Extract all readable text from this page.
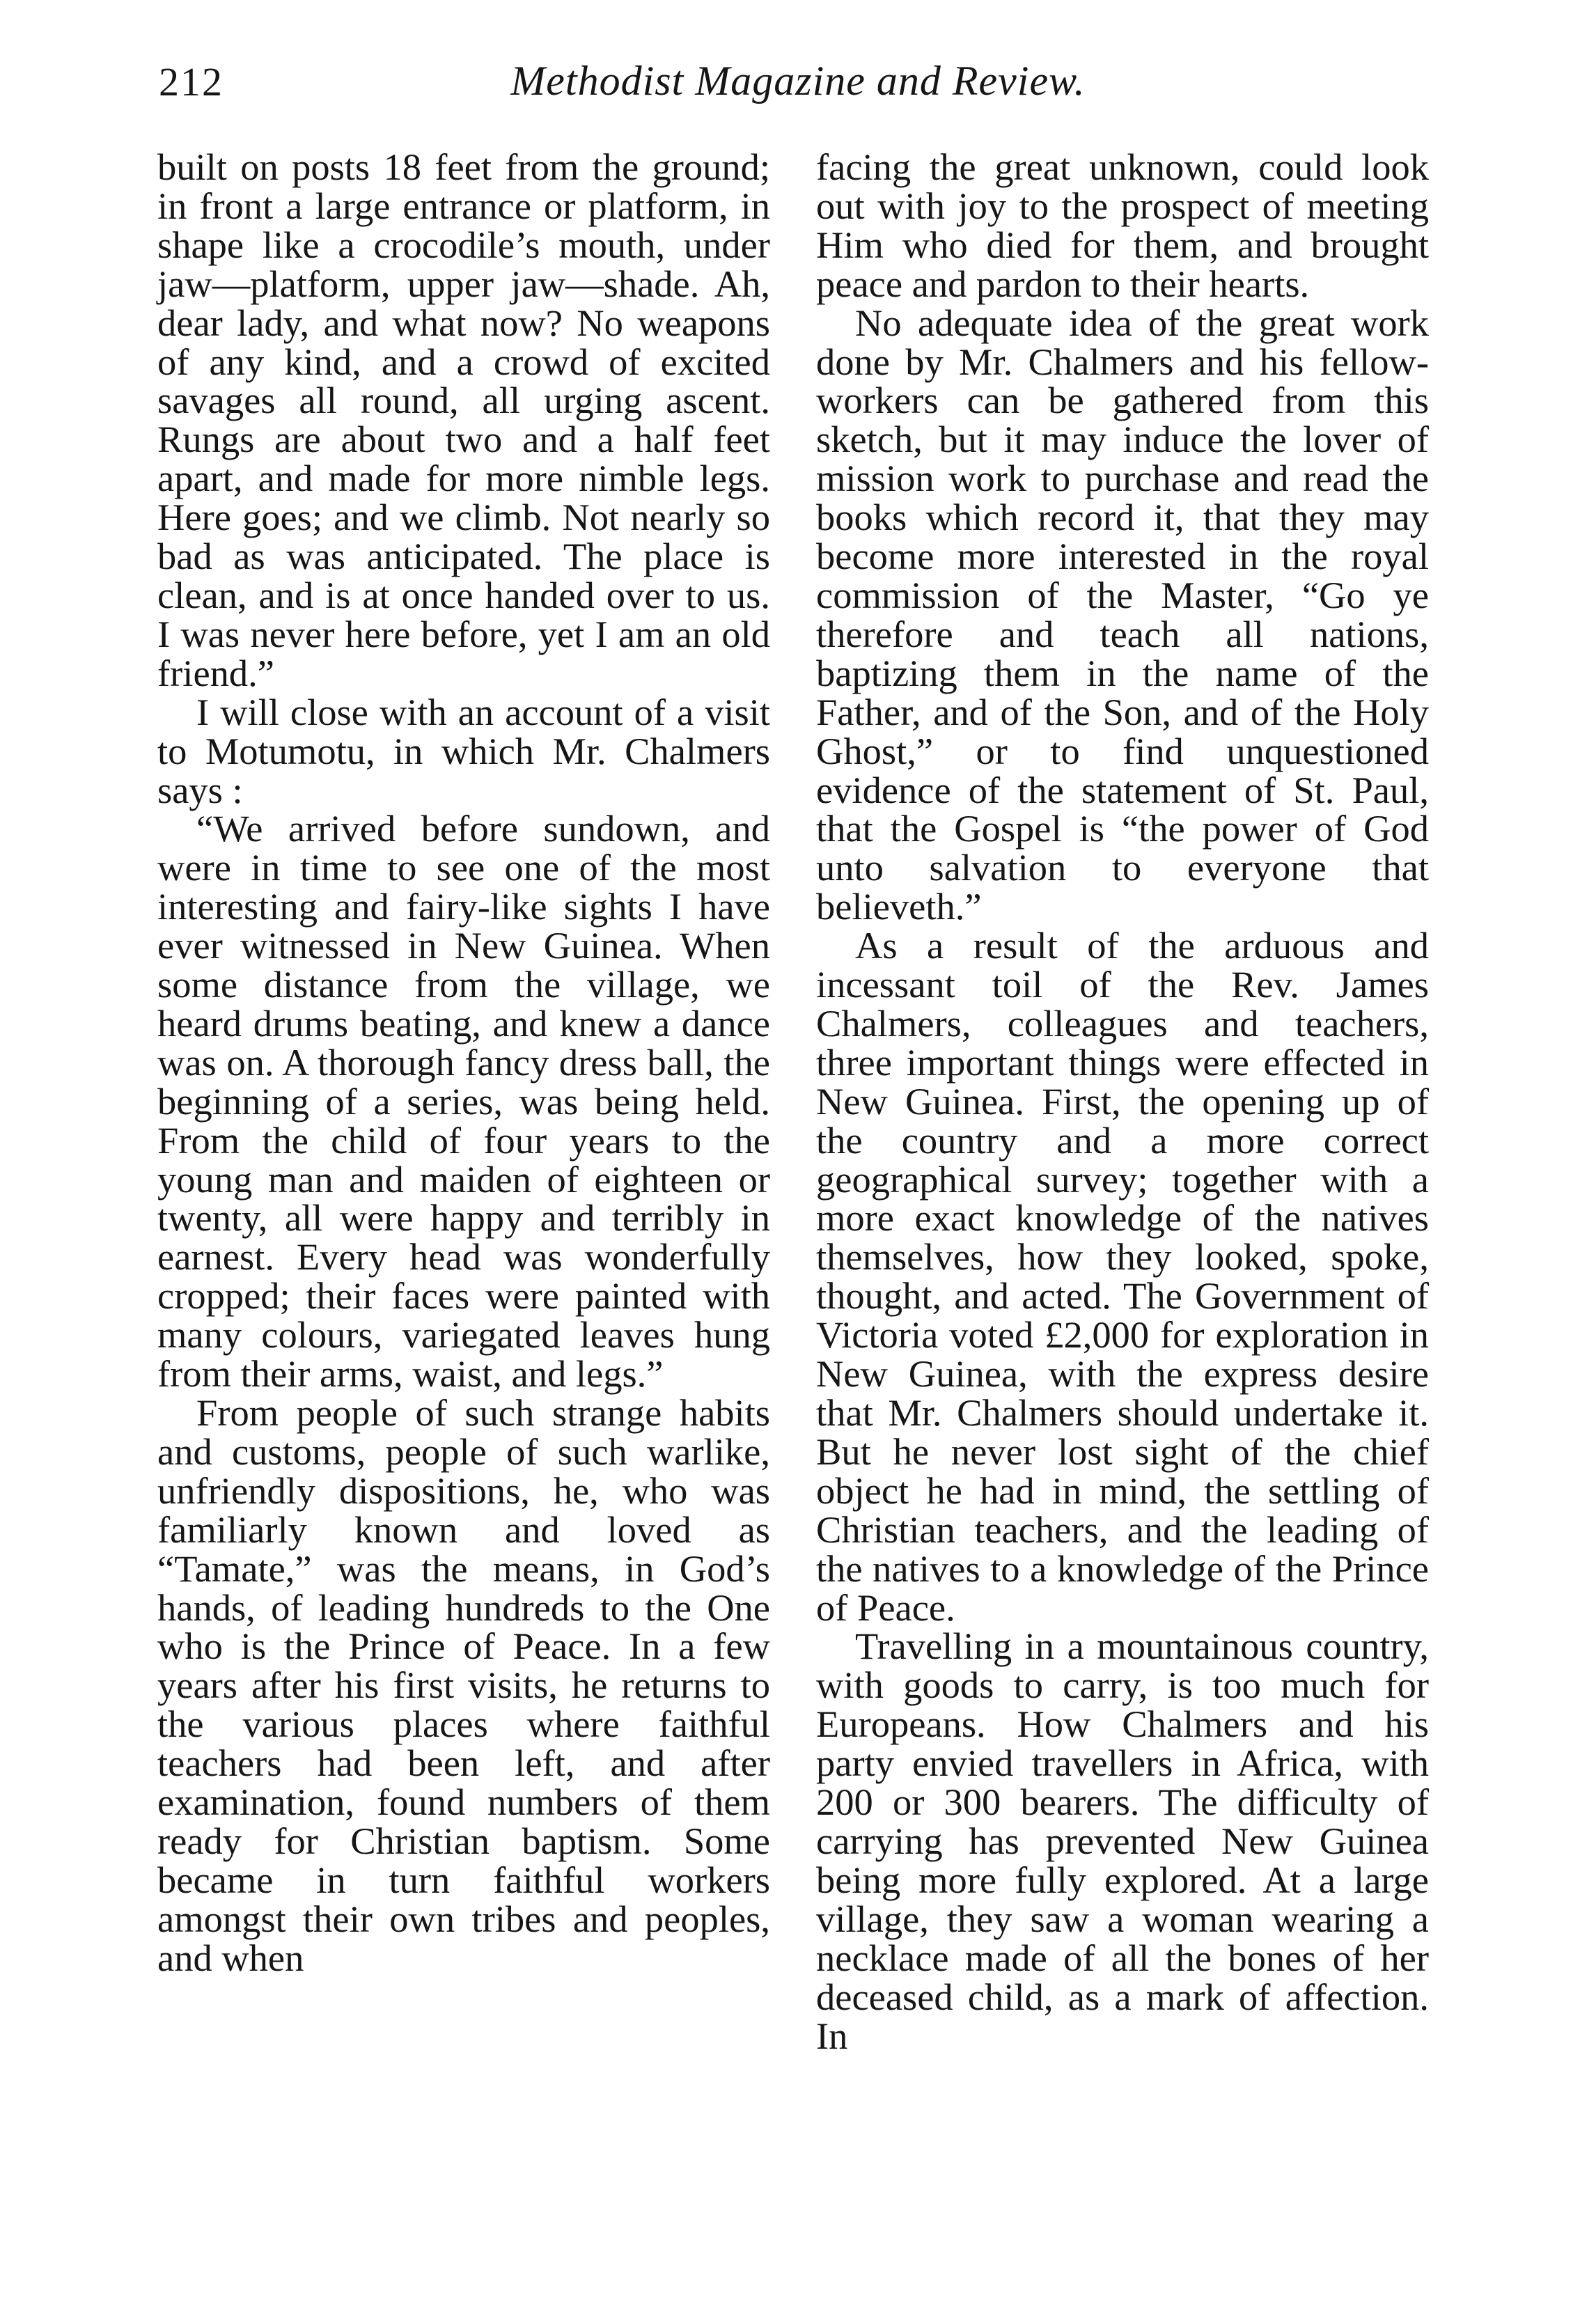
212	Methodist Magazine and Review.

built on posts 18 feet from the ground; in front a large entrance or platform, in shape like a crocodile’s mouth, under jaw—platform, upper jaw—shade. Ah, dear lady, and what now? No weapons of any kind, and a crowd of excited savages all round, all urging ascent. Rungs are about two and a half feet apart, and made for more nimble legs. Here goes; and we climb. Not nearly so bad as was anticipated. The place is clean, and is at once handed over to us. I was never here before, yet I am an old friend.”

I will close with an account of a visit to Motumotu, in which Mr. Chalmers says :

“We arrived before sundown, and were in time to see one of the most interesting and fairy-like sights I have ever witnessed in New Guinea. When some distance from the village, we heard drums beating, and knew a dance was on. A thorough fancy dress ball, the beginning of a series, was being held. From the child of four years to the young man and maiden of eighteen or twenty, all were happy and terribly in earnest. Every head was wonderfully cropped; their faces were painted with many colours, variegated leaves hung from their arms, waist, and legs.”

From people of such strange habits and customs, people of such warlike, unfriendly dispositions, he, who was familiarly known and loved as “Tamate,” was the means, in God’s hands, of leading hundreds to the One who is the Prince of Peace. In a few years after his first visits, he returns to the various places where faithful teachers had been left, and after examination, found numbers of them ready for Christian baptism. Some became in turn faithful workers amongst their own tribes and peoples, and when

facing the great unknown, could look out with joy to the prospect of meeting Him who died for them, and brought peace and pardon to their hearts.

No adequate idea of the great work done by Mr. Chalmers and his fellow-workers can be gathered from this sketch, but it may induce the lover of mission work to purchase and read the books which record it, that they may become more interested in the royal commission of the Master, “Go ye therefore and teach all nations, baptizing them in the name of the Father, and of the Son, and of the Holy Ghost,” or to find unquestioned evidence of the statement of St. Paul, that the Gospel is “the power of God unto salvation to everyone that believeth.”

As a result of the arduous and incessant toil of the Rev. James Chalmers, colleagues and teachers, three important things were effected in New Guinea. First, the opening up of the country and a more correct geographical survey; together with a more exact knowledge of the natives themselves, how they looked, spoke, thought, and acted. The Government of Victoria voted £2,000 for exploration in New Guinea, with the express desire that Mr. Chalmers should undertake it. But he never lost sight of the chief object he had in mind, the settling of Christian teachers, and the leading of the natives to a knowledge of the Prince of Peace.

Travelling in a mountainous country, with goods to carry, is too much for Europeans. How Chalmers and his party envied travellers in Africa, with 200 or 300 bearers. The difficulty of carrying has prevented New Guinea being more fully explored. At a large village, they saw a woman wearing a necklace made of all the bones of her deceased child, as a mark of affection. In
